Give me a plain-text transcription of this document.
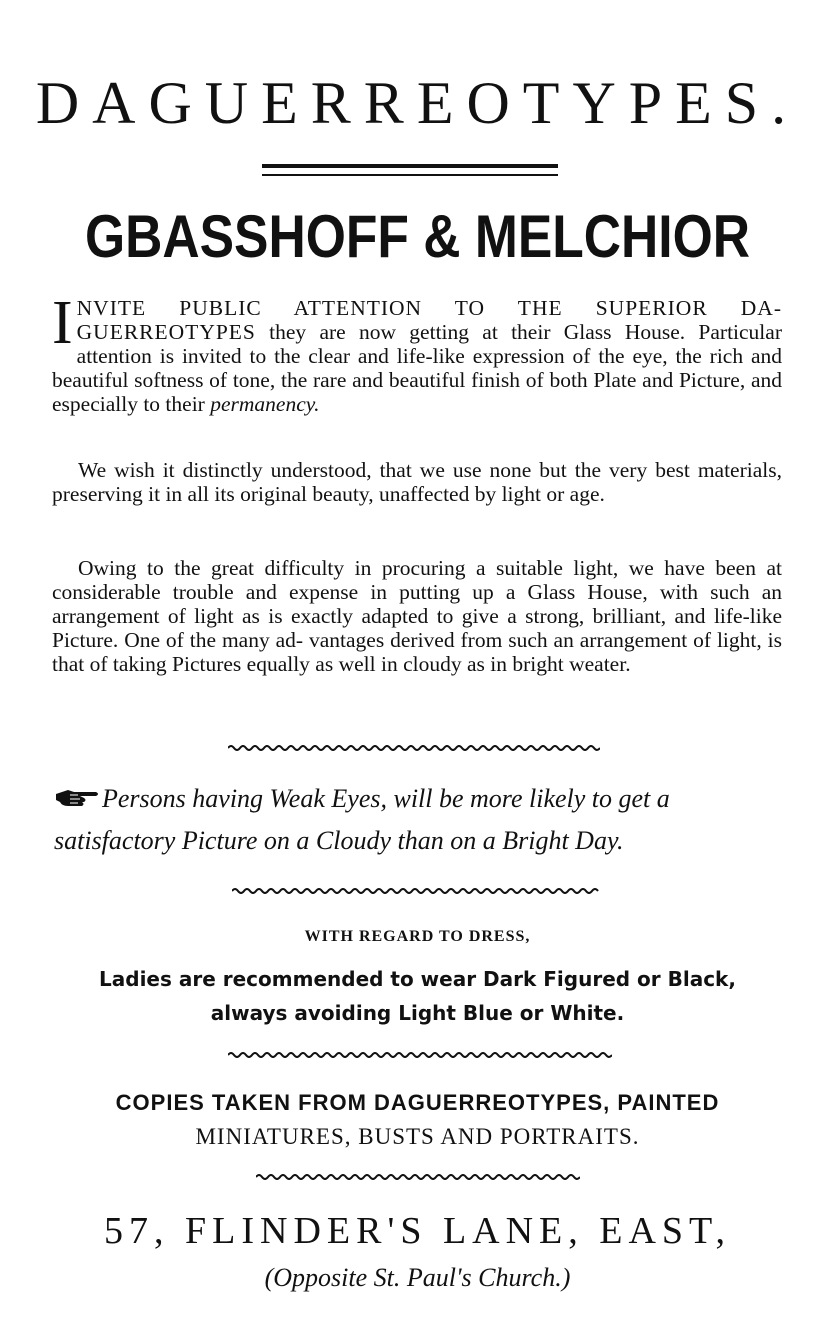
DAGUERREOTYPES.
GBASSHOFF & MELCHIOR

INVITE PUBLIC ATTENTION TO THE SUPERIOR DA- GUERREOTYPES they are now getting at their Glass House. Particular attention is invited to the clear and life-like expression of the eye, the rich and beautiful softness of tone, the rare and beautiful finish of both Plate and Picture, and especially to their permanency.

We wish it distinctly understood, that we use none but the very best materials, preserving it in all its original beauty, unaffected by light or age.

Owing to the great difficulty in procuring a suitable light, we have been at considerable trouble and expense in putting up a Glass House, with such an arrangement of light as is exactly adapted to give a strong, brilliant, and life-like Picture. One of the many ad- vantages derived from such an arrangement of light, is that of taking Pictures equally as well in cloudy as in bright weater.

Persons having Weak Eyes, will be more likely to get a
satisfactory Picture on a Cloudy than on a Bright Day.

WITH REGARD TO DRESS,

Ladies are recommended to wear Dark Figured or Black,
always avoiding Light Blue or White.

COPIES TAKEN FROM DAGUERREOTYPES, PAINTED
MINIATURES, BUSTS AND PORTRAITS.

57, FLINDER'S LANE, EAST,

(Opposite St. Paul's Church.)
